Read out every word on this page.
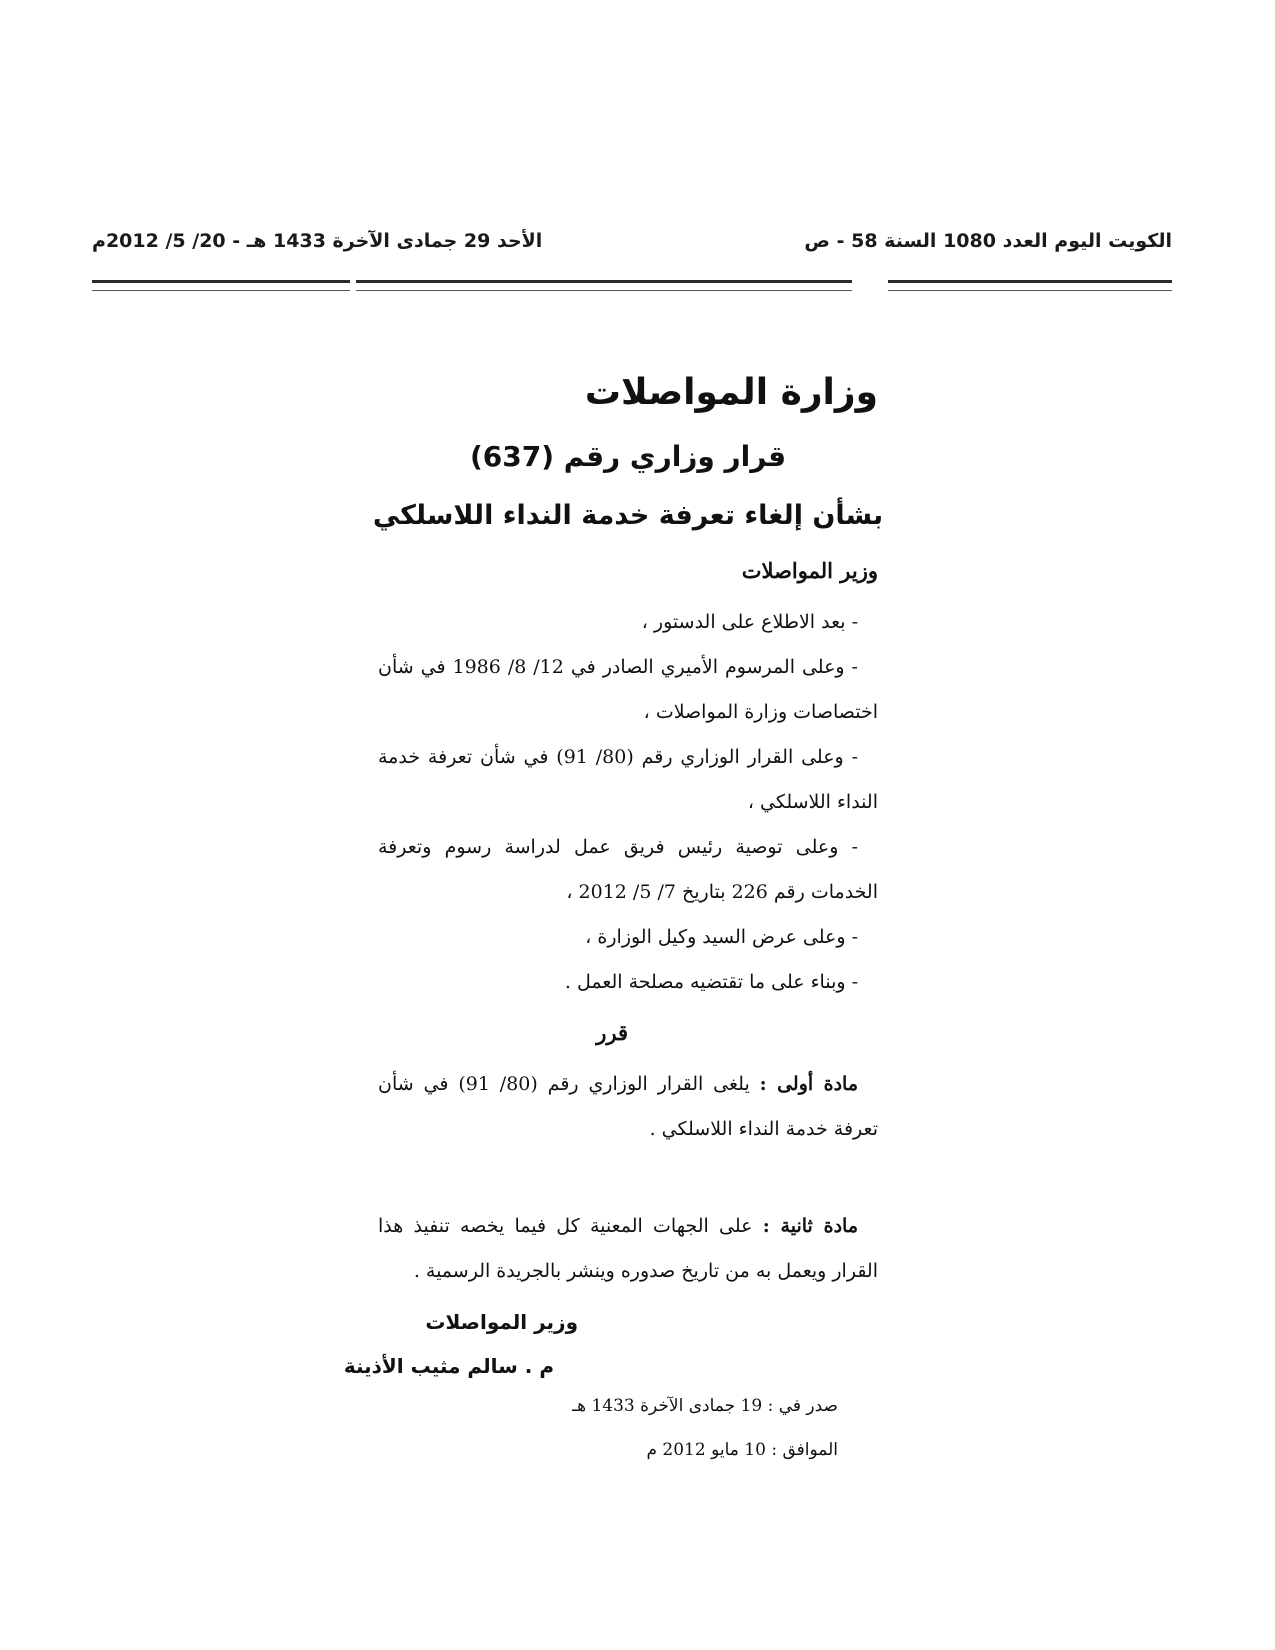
الكويت اليوم العدد 1080 السنة 58 - ص
الأحد 29 جمادى الآخرة 1433 هـ - 20/ 5/ 2012م
وزارة المواصلات
قرار وزاري رقم (637)
بشأن إلغاء تعرفة خدمة النداء اللاسلكي
وزير المواصلات
- بعد الاطلاع على الدستور ،
- وعلى المرسوم الأميري الصادر في 12/ 8/ 1986 في شأن اختصاصات وزارة المواصلات ،
- وعلى القرار الوزاري رقم (80/ 91) في شأن تعرفة خدمة النداء اللاسلكي ،
- وعلى توصية رئيس فريق عمل لدراسة رسوم وتعرفة الخدمات رقم 226 بتاريخ 7/ 5/ 2012 ،
- وعلى عرض السيد وكيل الوزارة ،
- وبناء على ما تقتضيه مصلحة العمل .
قرر

مادة أولى : يلغى القرار الوزاري رقم (80/ 91) في شأن تعرفة خدمة النداء اللاسلكي .

مادة ثانية : على الجهات المعنية كل فيما يخصه تنفيذ هذا القرار ويعمل به من تاريخ صدوره وينشر بالجريدة الرسمية .

وزير المواصلات
م . سالم مثيب الأذينة
صدر في : 19 جمادى الآخرة 1433 هـ
الموافق : 10 مايو 2012 م
